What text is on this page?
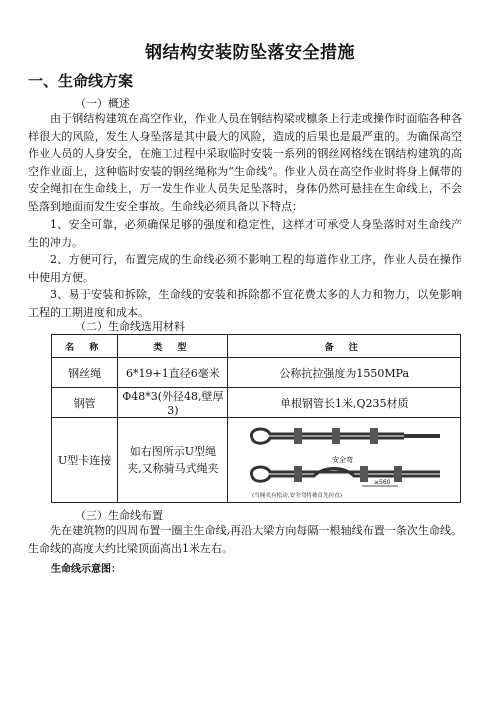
钢结构安装防坠落安全措施
一、生命线方案
（一）概述

由于钢结构建筑在高空作业，作业人员在钢结构梁或檩条上行走或操作时面临各种各样很大的风险，发生人身坠落是其中最大的风险，造成的后果也是最严重的。为确保高空作业人员的人身安全，在施工过程中采取临时安装一系列的钢丝网格线在钢结构建筑的高空作业面上，这种临时安装的钢丝绳称为“生命线”。作业人员在高空作业时将身上佩带的安全绳扣在生命线上，万一发生作业人员失足坠落时，身体仍然可悬挂在生命线上，不会坠落到地面而发生安全事故。生命线必须具备以下特点：

1、安全可靠，必须确保足够的强度和稳定性，这样才可承受人身坠落时对生命线产生的冲力。

2、方便可行，布置完成的生命线必须不影响工程的每道作业工序，作业人员在操作中使用方便。

3、易于安装和拆除，生命线的安装和拆除都不宜花费太多的人力和物力，以免影响工程的工期进度和成本。

（二）生命线选用材料
名 称	类 型	备 注
钢丝绳	6*19+1直径6毫米	公称抗拉强度为1550MPa
钢管	Φ48*3(外径48,壁厚3)	单根钢管长1米,Q235材质
U型卡连接	如右图所示U型绳夹,又称骑马式绳夹	安全弯
≥560
(当绳夹有松动,安全弯将被首先拉直)
（三）生命线布置

先在建筑物的四周布置一圈主生命线,再沿大梁方向每隔一根轴线布置一条次生命线。生命线的高度大约比梁顶面高出1米左右。

生命线示意图：
